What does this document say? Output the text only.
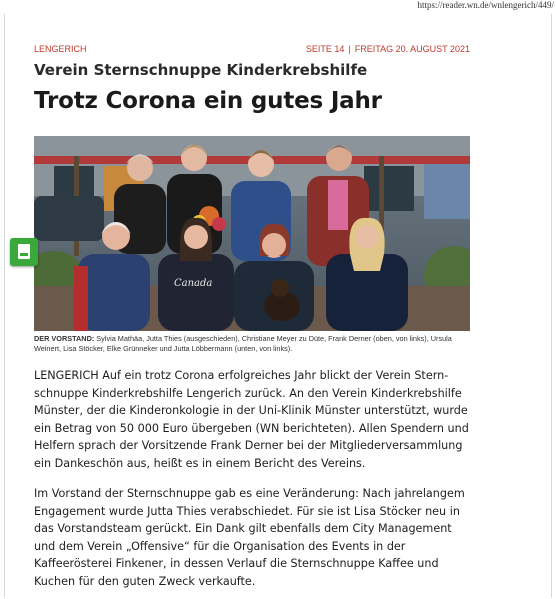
https://reader.wn.de/wnlengerich/449/
LENGERICH	SEITE 14 | FREITAG 20. AUGUST 2021
Verein Sternschnuppe Kinderkrebshilfe
Trotz Corona ein gutes Jahr
Canada
DER VORSTAND: Sylvia Mathäa, Jutta Thies (ausgeschieden), Christiane Meyer zu Düte, Frank Derner (oben, von links), Ursula Weinert, Lisa Stöcker, Elke Grünneker und Jutta Löbbermann (unten, von links).
LENGERICH Auf ein trotz Corona erfolgreiches Jahr blickt der Verein Sternschnuppe Kinderkrebshilfe Lengerich zurück. An den Verein Kinderkrebshilfe Münster, der die Kinderonkologie in der Uni-Klinik Münster unterstützt, wurde ein Betrag von 50 000 Euro übergeben (WN berichteten). Allen Spendern und Helfern sprach der Vorsitzende Frank Derner bei der Mitgliederversammlung ein Dankeschön aus, heißt es in einem Bericht des Vereins.
Im Vorstand der Sternschnuppe gab es eine Veränderung: Nach jahrelangem Engagement wurde Jutta Thies verabschiedet. Für sie ist Lisa Stöcker neu in das Vorstandsteam gerückt. Ein Dank gilt ebenfalls dem City Management und dem Verein „Offensive“ für die Organisation des Events in der Kaffeerösterei Finkener, in dessen Verlauf die Sternschnuppe Kaffee und Kuchen für den guten Zweck verkaufte.
